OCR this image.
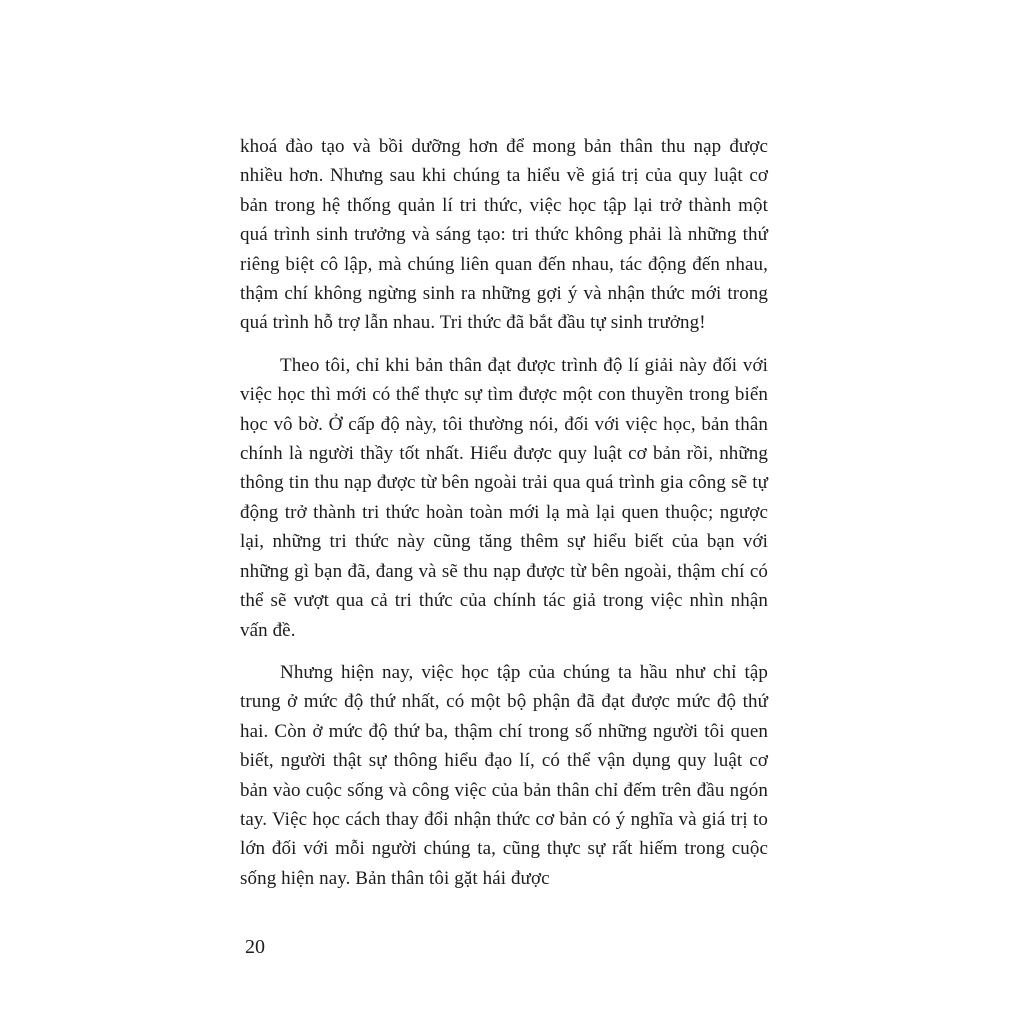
khoá đào tạo và bồi dưỡng hơn để mong bản thân thu nạp được nhiều hơn. Nhưng sau khi chúng ta hiểu về giá trị của quy luật cơ bản trong hệ thống quản lí tri thức, việc học tập lại trở thành một quá trình sinh trưởng và sáng tạo: tri thức không phải là những thứ riêng biệt cô lập, mà chúng liên quan đến nhau, tác động đến nhau, thậm chí không ngừng sinh ra những gợi ý và nhận thức mới trong quá trình hỗ trợ lẫn nhau. Tri thức đã bắt đầu tự sinh trưởng!

Theo tôi, chỉ khi bản thân đạt được trình độ lí giải này đối với việc học thì mới có thể thực sự tìm được một con thuyền trong biển học vô bờ. Ở cấp độ này, tôi thường nói, đối với việc học, bản thân chính là người thầy tốt nhất. Hiểu được quy luật cơ bản rồi, những thông tin thu nạp được từ bên ngoài trải qua quá trình gia công sẽ tự động trở thành tri thức hoàn toàn mới lạ mà lại quen thuộc; ngược lại, những tri thức này cũng tăng thêm sự hiểu biết của bạn với những gì bạn đã, đang và sẽ thu nạp được từ bên ngoài, thậm chí có thể sẽ vượt qua cả tri thức của chính tác giả trong việc nhìn nhận vấn đề.

Nhưng hiện nay, việc học tập của chúng ta hầu như chỉ tập trung ở mức độ thứ nhất, có một bộ phận đã đạt được mức độ thứ hai. Còn ở mức độ thứ ba, thậm chí trong số những người tôi quen biết, người thật sự thông hiểu đạo lí, có thể vận dụng quy luật cơ bản vào cuộc sống và công việc của bản thân chỉ đếm trên đầu ngón tay. Việc học cách thay đổi nhận thức cơ bản có ý nghĩa và giá trị to lớn đối với mỗi người chúng ta, cũng thực sự rất hiếm trong cuộc sống hiện nay. Bản thân tôi gặt hái được

20
